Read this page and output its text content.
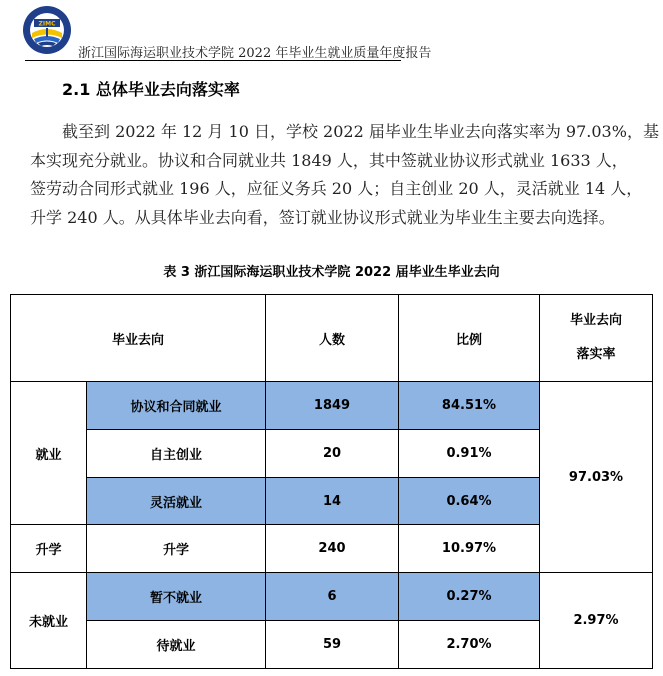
ZIMC
浙江国际海运职业技术学院 2022 年毕业生就业质量年度报告
2.1 总体毕业去向落实率

截至到 2022 年 12 月 10 日，学校 2022 届毕业生毕业去向落实率为 97.03%，基

本实现充分就业。协议和合同就业共 1849 人，其中签就业协议形式就业 1633 人，

签劳动合同形式就业 196 人，应征义务兵 20 人；自主创业 20 人，灵活就业 14 人，

升学 240 人。从具体毕业去向看，签订就业协议形式就业为毕业生主要去向选择。

表 3 浙江国际海运职业技术学院 2022 届毕业生毕业去向
毕业去向		人数	比例	毕业去向
落实率

就业	协议和合同就业	1849	84.51%	97.03%
	自主创业	20	0.91%	
	灵活就业	14	0.64%	
升学	升学	240	10.97%	
未就业	暂不就业	6	0.27%	2.97%
	待就业	59	2.70%	
